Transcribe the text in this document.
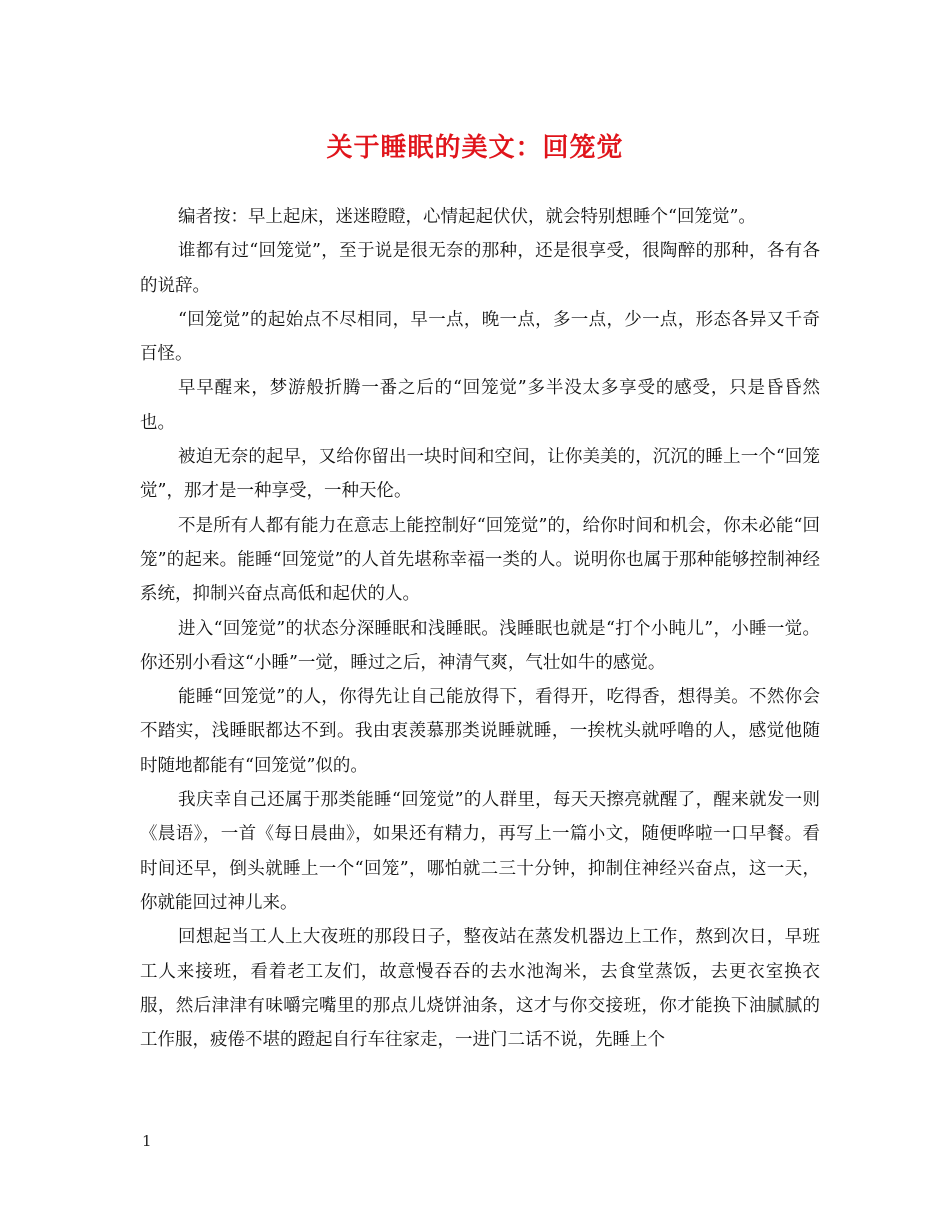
关于睡眠的美文：回笼觉

编者按：早上起床，迷迷瞪瞪，心情起起伏伏，就会特别想睡个“回笼觉”。

谁都有过“回笼觉”，至于说是很无奈的那种，还是很享受，很陶醉的那种，各有各的说辞。

“回笼觉”的起始点不尽相同，早一点，晚一点，多一点，少一点，形态各异又千奇百怪。

早早醒来，梦游般折腾一番之后的“回笼觉”多半没太多享受的感受，只是昏昏然也。

被迫无奈的起早，又给你留出一块时间和空间，让你美美的，沉沉的睡上一个“回笼觉”，那才是一种享受，一种天伦。

不是所有人都有能力在意志上能控制好“回笼觉”的，给你时间和机会，你未必能“回笼”的起来。能睡“回笼觉”的人首先堪称幸福一类的人。说明你也属于那种能够控制神经系统，抑制兴奋点高低和起伏的人。

进入“回笼觉”的状态分深睡眠和浅睡眠。浅睡眠也就是“打个小盹儿”，小睡一觉。你还别小看这“小睡”一觉，睡过之后，神清气爽，气壮如牛的感觉。

能睡“回笼觉”的人，你得先让自己能放得下，看得开，吃得香，想得美。不然你会不踏实，浅睡眠都达不到。我由衷羡慕那类说睡就睡，一挨枕头就呼噜的人，感觉他随时随地都能有“回笼觉”似的。

我庆幸自己还属于那类能睡“回笼觉”的人群里，每天天擦亮就醒了，醒来就发一则《晨语》，一首《每日晨曲》，如果还有精力，再写上一篇小文，随便哗啦一口早餐。看时间还早，倒头就睡上一个“回笼”，哪怕就二三十分钟，抑制住神经兴奋点，这一天，你就能回过神儿来。

回想起当工人上大夜班的那段日子，整夜站在蒸发机器边上工作，熬到次日，早班工人来接班，看着老工友们，故意慢吞吞的去水池淘米，去食堂蒸饭，去更衣室换衣服，然后津津有味嚼完嘴里的那点儿烧饼油条，这才与你交接班，你才能换下油腻腻的工作服，疲倦不堪的蹬起自行车往家走，一进门二话不说，先睡上个

1
